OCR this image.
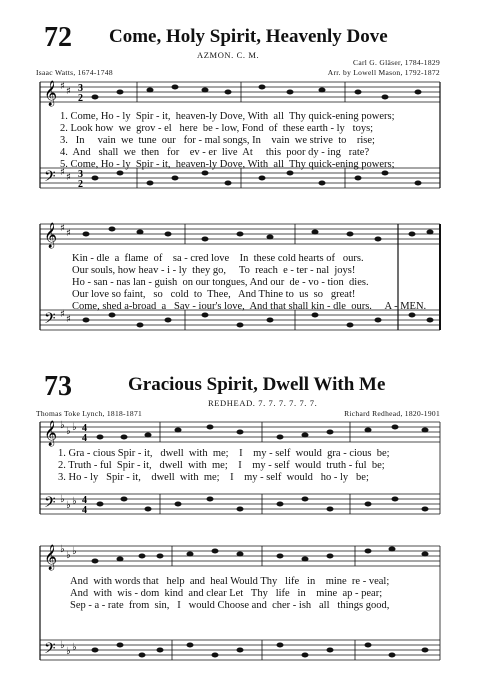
72 Come, Holy Spirit, Heavenly Dove
AZMON. C. M.
Carl G. Gläser, 1784-1829
Isaac Watts, 1674-1748	Arr. by Lowell Mason, 1792-1872
𝄞
𝄢
♯ ♯
♯ ♯
3
2
3
2
1. Come, Ho - ly  Spir - it,  heaven-ly Dove, With  all  Thy quick-ening powers;
2. Look how  we  grov - el   here  be - low, Fond  of  these earth - ly   toys;
3.   In     vain  we  tune  our   for - mal songs, In    vain  we strive  to    rise;
4.  And   shall  we  then   for    ev - er  live  At     this  poor dy - ing   rate?
5. Come, Ho - ly  Spir - it,  heaven-ly Dove, With  all  Thy quick-ening powers;
𝄞
𝄢
♯ ♯
♯ ♯
Kin - dle  a  flame  of    sa - cred love    In  these cold hearts of   ours.
Our souls, how heav - i - ly  they go,     To  reach  e - ter - nal  joys!
Ho - san - nas lan - guish  on our tongues, And our  de - vo - tion  dies.
Our love so faint,   so   cold  to  Thee,   And Thine to  us  so   great!
Come, shed a-broad  a   Sav - iour's love,  And that shall kin - dle  ours.     A - MEN.
73	Gracious Spirit, Dwell With Me
REDHEAD. 7. 7. 7. 7. 7. 7.
Thomas Toke Lynch, 1818-1871	Richard Redhead, 1820-1901
𝄞
𝄢
♭
♭ ♭
♭
♭ ♭
4
4
4
4
1. Gra - cious Spir - it,   dwell  with  me;    I    my - self  would  gra - cious  be;
2. Truth - ful  Spir - it,   dwell  with  me;    I    my - self  would  truth - ful  be;
3. Ho - ly   Spir - it,    dwell  with  me;    I    my - self  would   ho - ly   be;
𝄞
𝄢
♭
♭ ♭
♭
♭ ♭
And  with words that   help  and  heal Would Thy   life   in    mine  re - veal;
And  with  wis - dom  kind  and clear Let   Thy   life   in    mine  ap - pear;
Sep - a - rate  from  sin,   I   would Choose and  cher - ish   all   things good,
